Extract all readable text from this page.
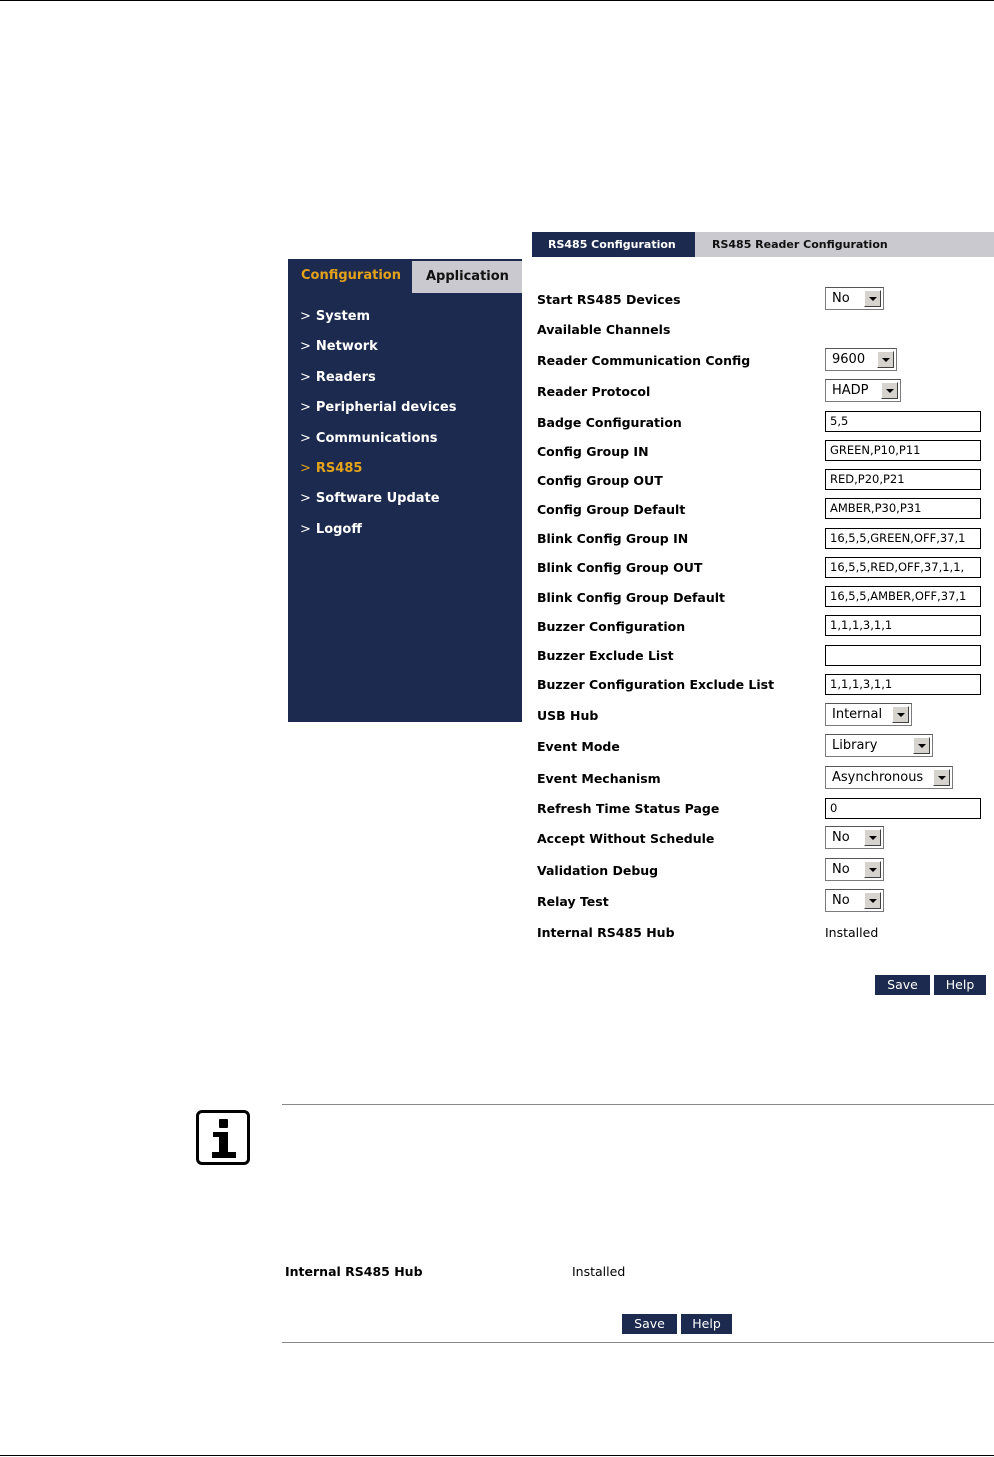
RS485 Configuration	RS485 Reader Configuration
Configuration	Application
> System
> Network
> Readers
> Peripherial devices
> Communications
> RS485
> Software Update
> Logoff
Start RS485 Devices	No
Available Channels
Reader Communication Config	9600
Reader Protocol	HADP
Badge Configuration	5,5
Config Group IN	GREEN,P10,P11
Config Group OUT	RED,P20,P21
Config Group Default	AMBER,P30,P31
Blink Config Group IN	16,5,5,GREEN,OFF,37,1
Blink Config Group OUT	16,5,5,RED,OFF,37,1,1,
Blink Config Group Default	16,5,5,AMBER,OFF,37,1
Buzzer Configuration	1,1,1,3,1,1
Buzzer Exclude List
Buzzer Configuration Exclude List	1,1,1,3,1,1
USB Hub	Internal
Event Mode	Library
Event Mechanism	Asynchronous
Refresh Time Status Page	0
Accept Without Schedule	No
Validation Debug	No
Relay Test	No
Internal RS485 Hub	Installed
Save	Help
Internal RS485 Hub	Installed
Save	Help
